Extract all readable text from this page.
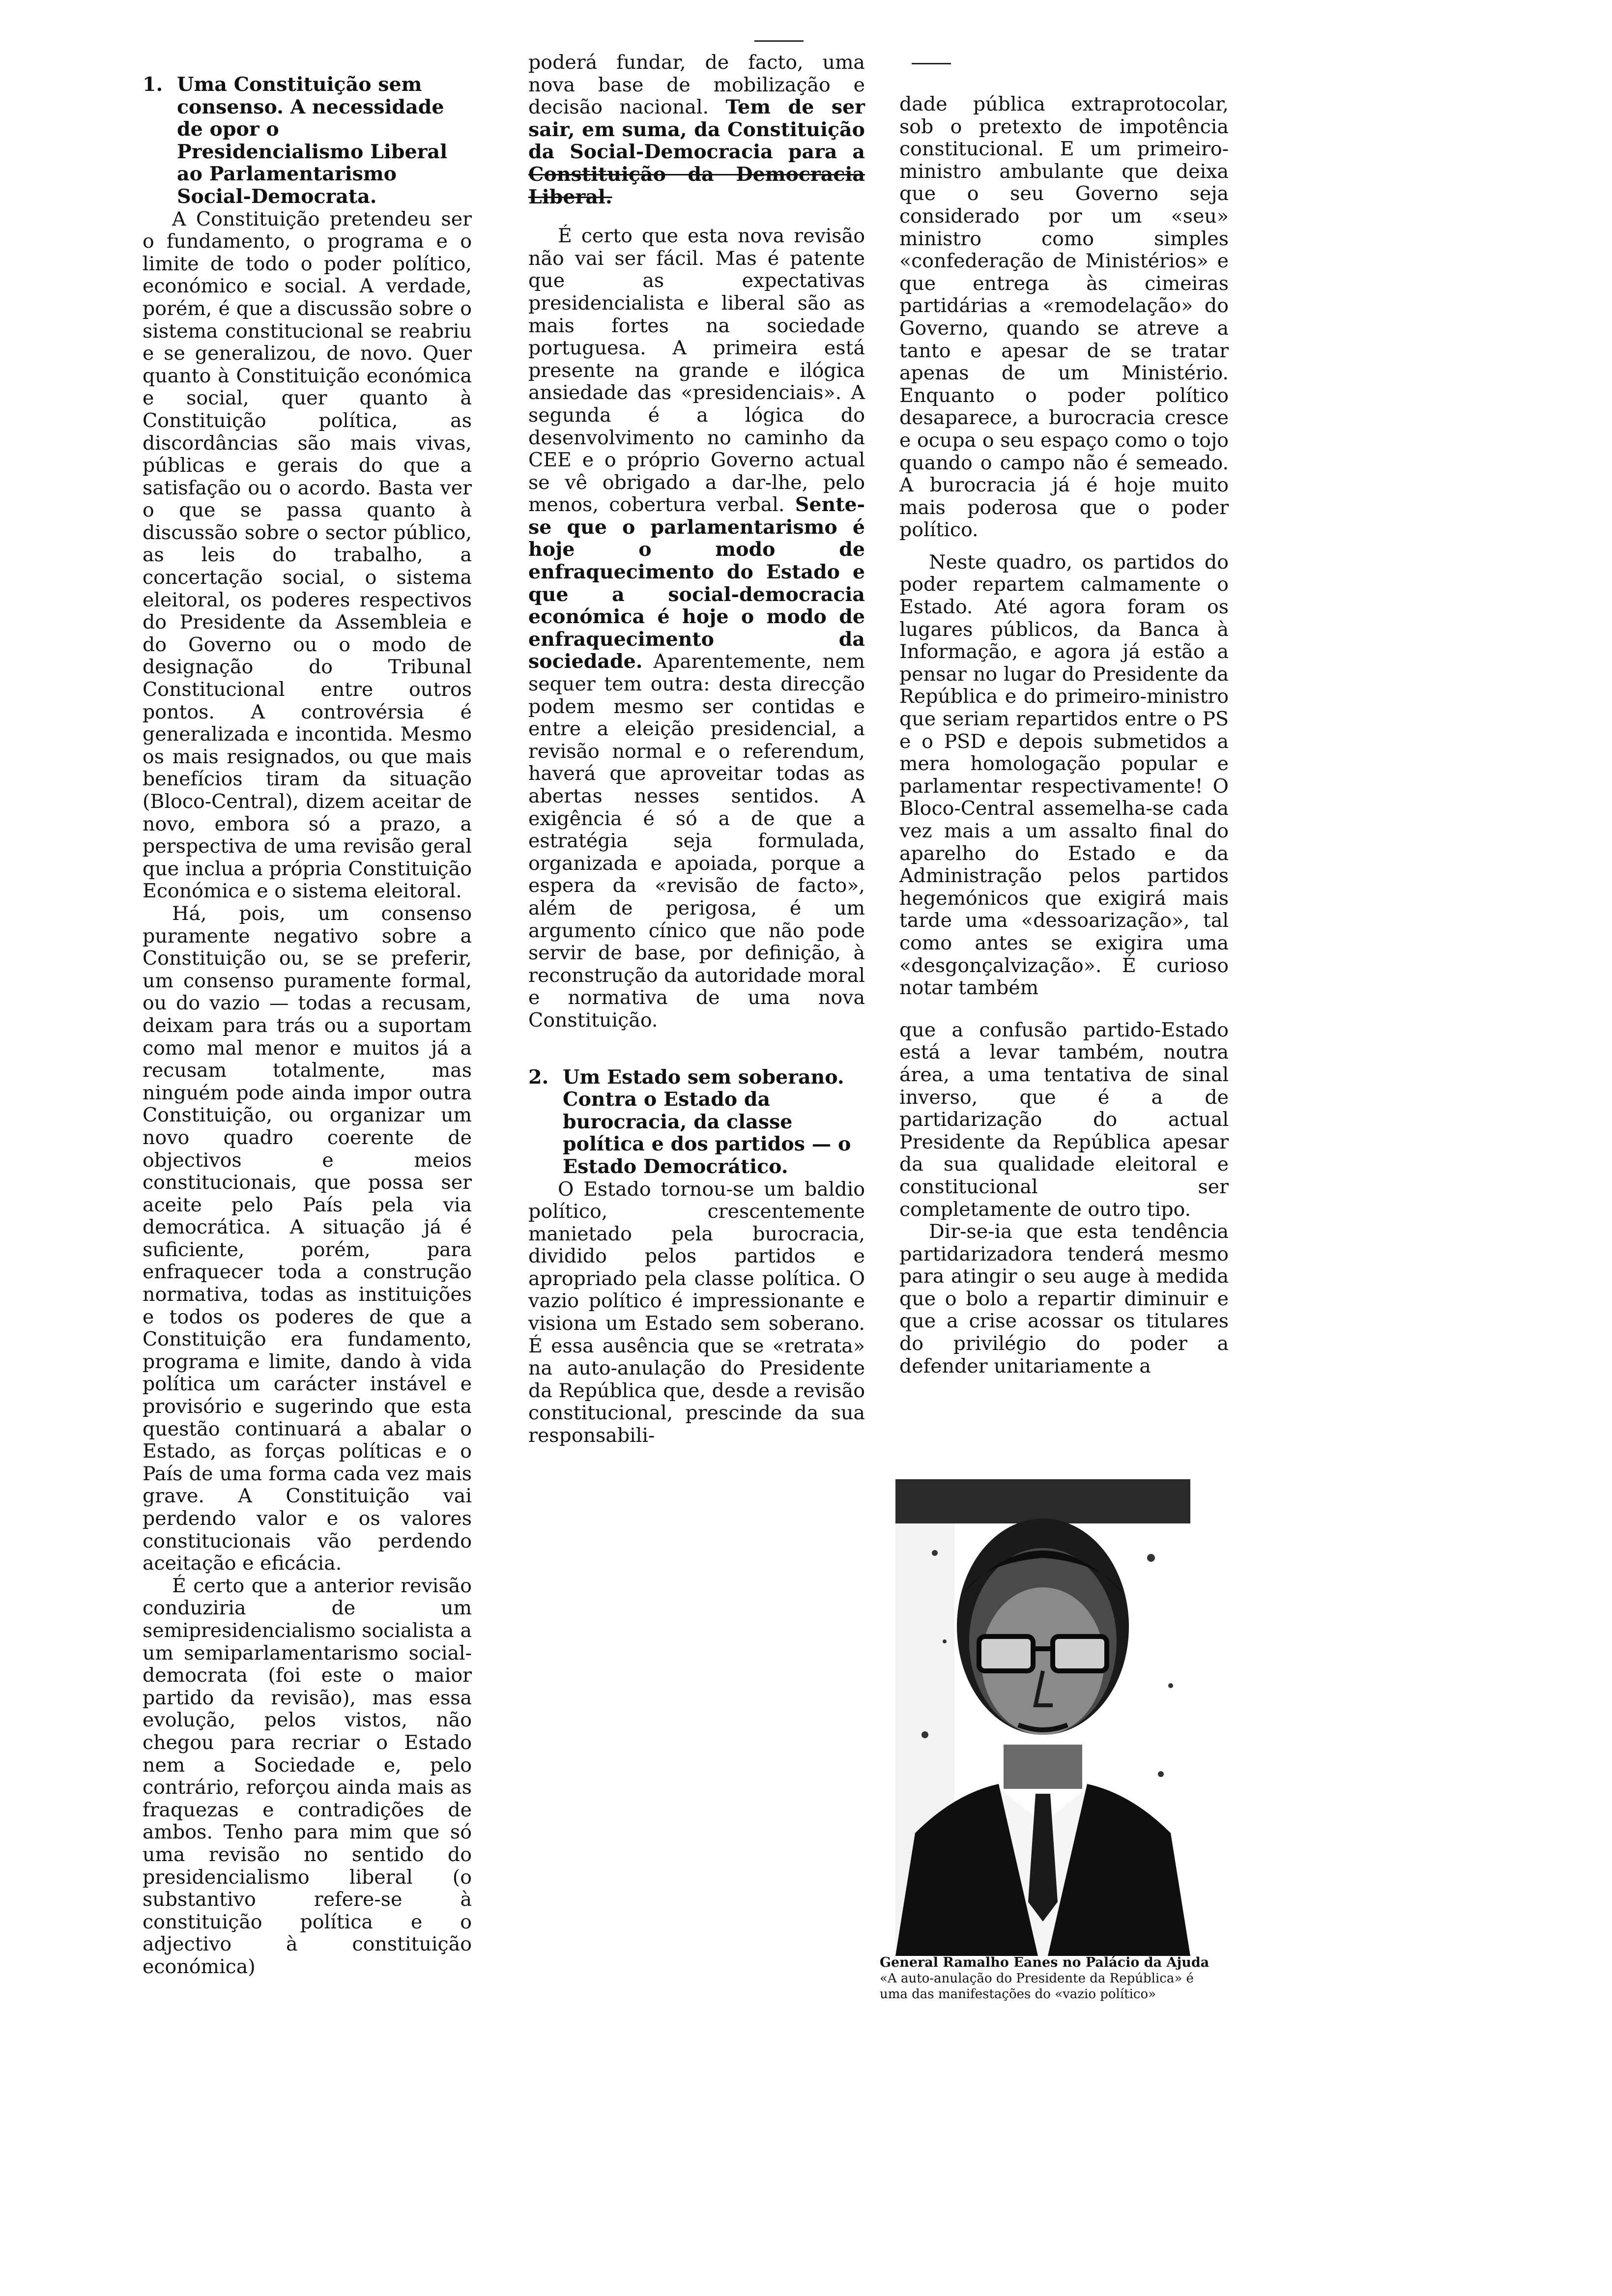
1. Uma Constituição sem consenso. A necessidade de opor o Presidencialismo Liberal ao Parlamentarismo Social-Democrata.

A Constituição pretendeu ser o fundamento, o programa e o limite de todo o poder político, económico e social. A verdade, porém, é que a discussão sobre o sistema constitucional se reabriu e se generalizou, de novo. Quer quanto à Constituição económica e social, quer quanto à Constituição política, as discordâncias são mais vivas, públicas e gerais do que a satisfação ou o acordo. Basta ver o que se passa quanto à discussão sobre o sector público, as leis do trabalho, a concertação social, o sistema eleitoral, os poderes respectivos do Presidente da Assembleia e do Governo ou o modo de designação do Tribunal Constitucional entre outros pontos. A controvérsia é generalizada e incontida. Mesmo os mais resignados, ou que mais benefícios tiram da situação (Bloco-Central), dizem aceitar de novo, embora só a prazo, a perspectiva de uma revisão geral que inclua a própria Constituição Económica e o sistema eleitoral.

Há, pois, um consenso puramente negativo sobre a Constituição ou, se se preferir, um consenso puramente formal, ou do vazio — todas a recusam, deixam para trás ou a suportam como mal menor e muitos já a recusam totalmente, mas ninguém pode ainda impor outra Constituição, ou organizar um novo quadro coerente de objectivos e meios constitucionais, que possa ser aceite pelo País pela via democrática. A situação já é suficiente, porém, para enfraquecer toda a construção normativa, todas as instituições e todos os poderes de que a Constituição era fundamento, programa e limite, dando à vida política um carácter instável e provisório e sugerindo que esta questão continuará a abalar o Estado, as forças políticas e o País de uma forma cada vez mais grave. A Constituição vai perdendo valor e os valores constitucionais vão perdendo aceitação e eficácia.

É certo que a anterior revisão conduziria de um semipresidencialismo socialista a um semiparlamentarismo social-democrata (foi este o maior partido da revisão), mas essa evolução, pelos vistos, não chegou para recriar o Estado nem a Sociedade e, pelo contrário, reforçou ainda mais as fraquezas e contradições de ambos. Tenho para mim que só uma revisão no sentido do presidencialismo liberal (o substantivo refere-se à constituição política e o adjectivo à constituição económica)

poderá fundar, de facto, uma nova base de mobilização e decisão nacional. Tem de ser sair, em suma, da Constituição da Social-Democracia para a Constituição da Democracia Liberal.

É certo que esta nova revisão não vai ser fácil. Mas é patente que as expectativas presidencialista e liberal são as mais fortes na sociedade portuguesa. A primeira está presente na grande e ilógica ansiedade das «presidenciais». A segunda é a lógica do desenvolvimento no caminho da CEE e o próprio Governo actual se vê obrigado a dar-lhe, pelo menos, cobertura verbal. Sente-se que o parlamentarismo é hoje o modo de enfraquecimento do Estado e que a social-democracia económica é hoje o modo de enfraquecimento da sociedade. Aparentemente, nem sequer tem outra: desta direcção podem mesmo ser contidas e entre a eleição presidencial, a revisão normal e o referendum, haverá que aproveitar todas as abertas nesses sentidos. A exigência é só a de que a estratégia seja formulada, organizada e apoiada, porque a espera da «revisão de facto», além de perigosa, é um argumento cínico que não pode servir de base, por definição, à reconstrução da autoridade moral e normativa de uma nova Constituição.

2. Um Estado sem soberano. Contra o Estado da burocracia, da classe política e dos partidos — o Estado Democrático.

O Estado tornou-se um baldio político, crescentemente manietado pela burocracia, dividido pelos partidos e apropriado pela classe política. O vazio político é impressionante e visiona um Estado sem soberano. É essa ausência que se «retrata» na auto-anulação do Presidente da República que, desde a revisão constitucional, prescinde da sua responsabili-

dade pública extraprotocolar, sob o pretexto de impotência constitucional. E um primeiro-ministro ambulante que deixa que o seu Governo seja considerado por um «seu» ministro como simples «confederação de Ministérios» e que entrega às cimeiras partidárias a «remodelação» do Governo, quando se atreve a tanto e apesar de se tratar apenas de um Ministério. Enquanto o poder político desaparece, a burocracia cresce e ocupa o seu espaço como o tojo quando o campo não é semeado. A burocracia já é hoje muito mais poderosa que o poder político.

Neste quadro, os partidos do poder repartem calmamente o Estado. Até agora foram os lugares públicos, da Banca à Informação, e agora já estão a pensar no lugar do Presidente da República e do primeiro-ministro que seriam repartidos entre o PS e o PSD e depois submetidos a mera homologação popular e parlamentar respectivamente! O Bloco-Central assemelha-se cada vez mais a um assalto final do aparelho do Estado e da Administração pelos partidos hegemónicos que exigirá mais tarde uma «dessoarização», tal como antes se exigira uma «desgonçalvização». É curioso notar também

que a confusão partido-Estado está a levar também, noutra área, a uma tentativa de sinal inverso, que é a de partidarização do actual Presidente da República apesar da sua qualidade eleitoral e constitucional ser completamente de outro tipo.

Dir-se-ia que esta tendência partidarizadora tenderá mesmo para atingir o seu auge à medida que o bolo a repartir diminuir e que a crise acossar os titulares do privilégio do poder a defender unitariamente a

General Ramalho Eanes no Palácio da Ajuda
«A auto-anulação do Presidente da República» é uma das manifestações do «vazio político»
